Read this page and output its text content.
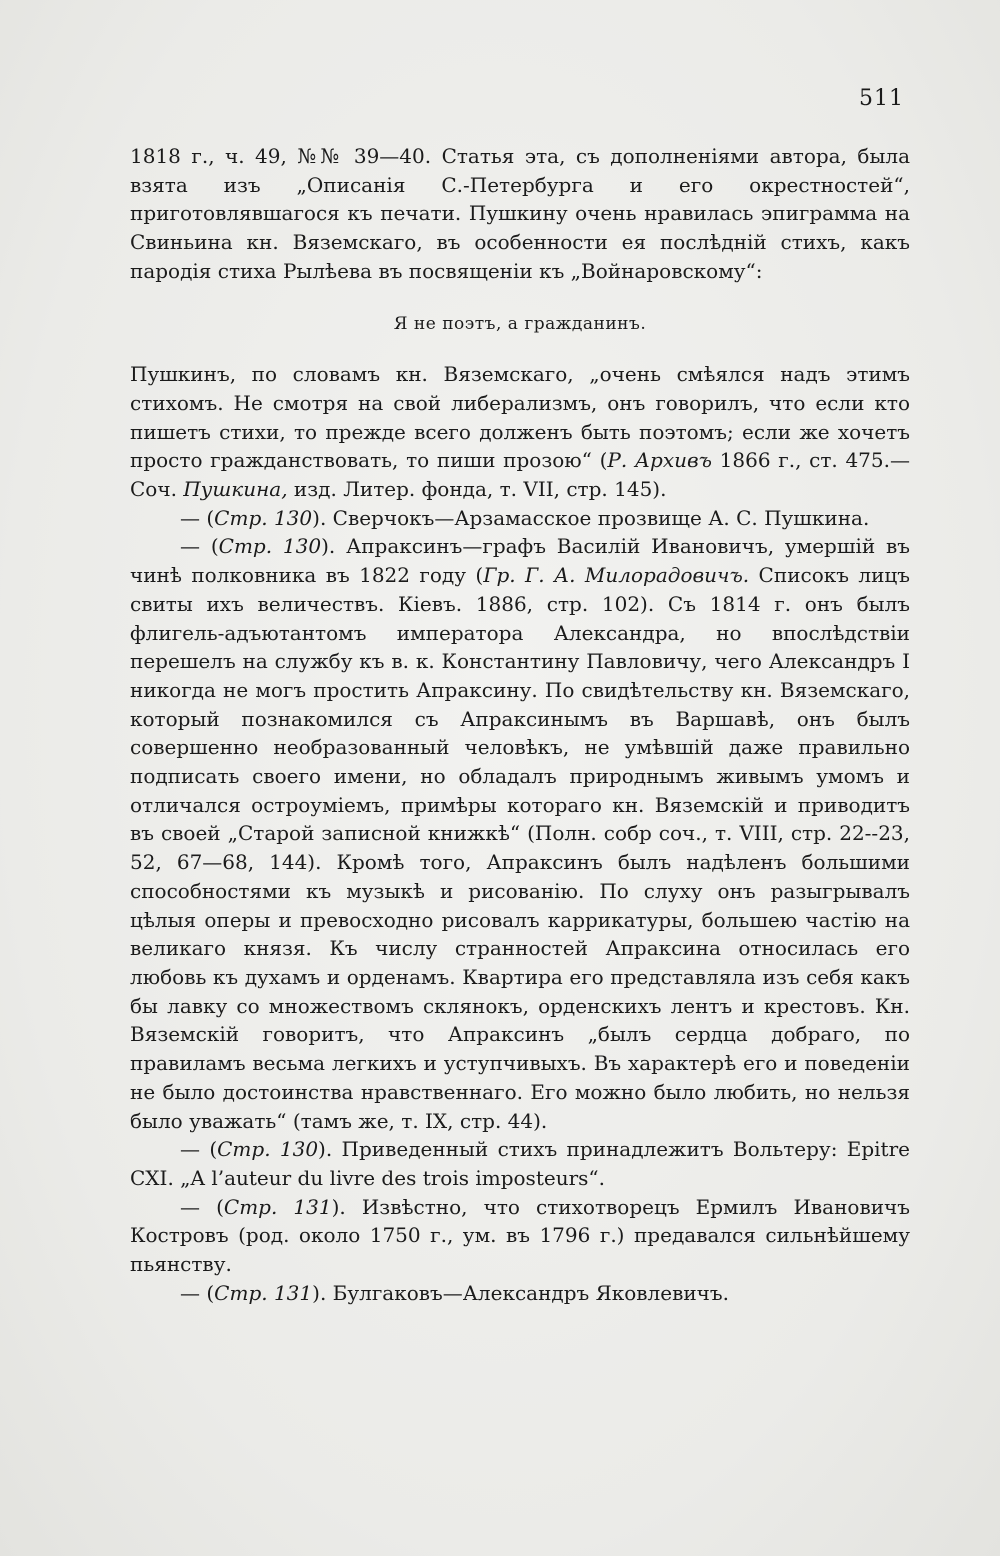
511

1818 г., ч. 49, №№ 39—40. Статья эта, съ дополненіями автора, была взята изъ „Описанія С.-Петербурга и его окрестностей“, приготовлявшагося къ печати. Пушкину очень нравилась эпиграмма на Свиньина кн. Вяземскаго, въ особенности ея послѣдній стихъ, какъ пародія стиха Рылѣева въ посвященіи къ „Войнаровскому“:

Я не поэтъ, а гражданинъ.

Пушкинъ, по словамъ кн. Вяземскаго, „очень смѣялся надъ этимъ стихомъ. Не смотря на свой либерализмъ, онъ говорилъ, что если кто пишетъ стихи, то прежде всего долженъ быть поэтомъ; если же хочетъ просто гражданствовать, то пиши прозою“ (Р. Архивъ 1866 г., ст. 475.— Соч. Пушкина, изд. Литер. фонда, т. VII, стр. 145).

— (Стр. 130). Сверчокъ—Арзамасское прозвище А. С. Пушкина.

— (Стр. 130). Апраксинъ—графъ Василій Ивановичъ, умершій въ чинѣ полковника въ 1822 году (Гр. Г. А. Милорадовичъ. Списокъ лицъ свиты ихъ величествъ. Кіевъ. 1886, стр. 102). Съ 1814 г. онъ былъ флигель-адъютантомъ императора Александра, но впослѣдствіи перешелъ на службу къ в. к. Константину Павловичу, чего Александръ I никогда не могъ простить Апраксину. По свидѣтельству кн. Вяземскаго, который познакомился съ Апраксинымъ въ Варшавѣ, онъ былъ совершенно необразованный человѣкъ, не умѣвшій даже правильно подписать своего имени, но обладалъ природнымъ живымъ умомъ и отличался остроуміемъ, примѣры котораго кн. Вяземскій и приводитъ въ своей „Старой записной книжкѣ“ (Полн. собр соч., т. VIII, стр. 22--23, 52, 67—68, 144). Кромѣ того, Апраксинъ былъ надѣленъ большими способностями къ музыкѣ и рисованію. По слуху онъ разыгрывалъ цѣлыя оперы и превосходно рисовалъ каррикатуры, большею частію на великаго князя. Къ числу странностей Апраксина относилась его любовь къ духамъ и орденамъ. Квартира его представляла изъ себя какъ бы лавку со множествомъ склянокъ, орденскихъ лентъ и крестовъ. Кн. Вяземскій говоритъ, что Апраксинъ „былъ сердца добраго, по правиламъ весьма легкихъ и уступчивыхъ. Въ характерѣ его и поведеніи не было достоинства нравственнаго. Его можно было любить, но нельзя было уважать“ (тамъ же, т. IX, стр. 44).

— (Стр. 130). Приведенный стихъ принадлежитъ Вольтеру: Epitre CXI. „A l’auteur du livre des trois imposteurs“.

— (Стр. 131). Извѣстно, что стихотворецъ Ермилъ Ивановичъ Костровъ (род. около 1750 г., ум. въ 1796 г.) предавался сильнѣйшему пьянству.

— (Стр. 131). Булгаковъ—Александръ Яковлевичъ.
